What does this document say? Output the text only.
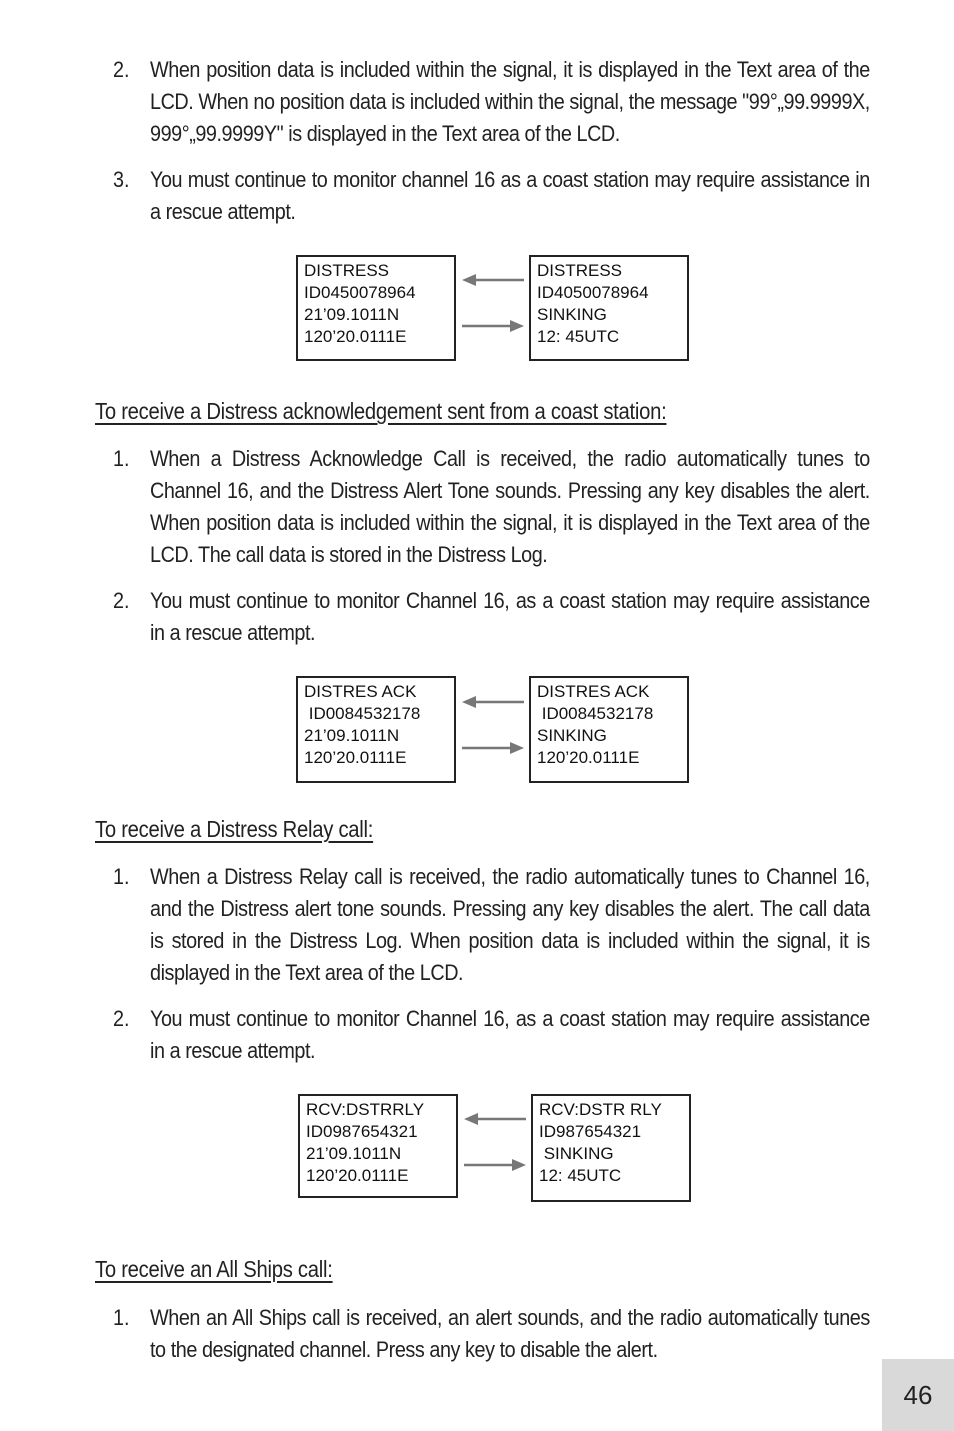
2. When position data is included within the signal, it is displayed in the Text area of the LCD. When no position data is included within the signal, the message "99°„99.9999X, 999°„99.9999Y" is displayed in the Text area of the LCD.

3. You must continue to monitor channel 16 as a coast station may require assistance in a rescue attempt.

DISTRESS
ID0450078964
21’09.1011N
120’20.0111E
DISTRESS
ID4050078964
SINKING
12: 45UTC
To receive a Distress acknowledgement sent from a coast station:
1. When a Distress Acknowledge Call is received, the radio automatically tunes to Channel 16, and the Distress Alert Tone sounds. Pressing any key disables the alert. When position data is included within the signal, it is displayed in the Text area of the LCD. The call data is stored in the Distress Log.

2. You must continue to monitor Channel 16, as a coast station may require assistance in a rescue attempt.

DISTRES ACK
ID0084532178
21’09.1011N
120’20.0111E
DISTRES ACK
ID0084532178
SINKING
120’20.0111E
To receive a Distress Relay call:
1. When a Distress Relay call is received, the radio automatically tunes to Channel 16, and the Distress alert tone sounds. Pressing any key disables the alert. The call data is stored in the Distress Log. When position data is included within the signal, it is displayed in the Text area of the LCD.

2. You must continue to monitor Channel 16, as a coast station may require assistance in a rescue attempt.

RCV:DSTRRLY
ID0987654321
21’09.1011N
120’20.0111E
RCV:DSTR RLY
ID987654321
SINKING
12: 45UTC
To receive an All Ships call:
1. When an All Ships call is received, an alert sounds, and the radio automatically tunes to the designated channel. Press any key to disable the alert.

46
